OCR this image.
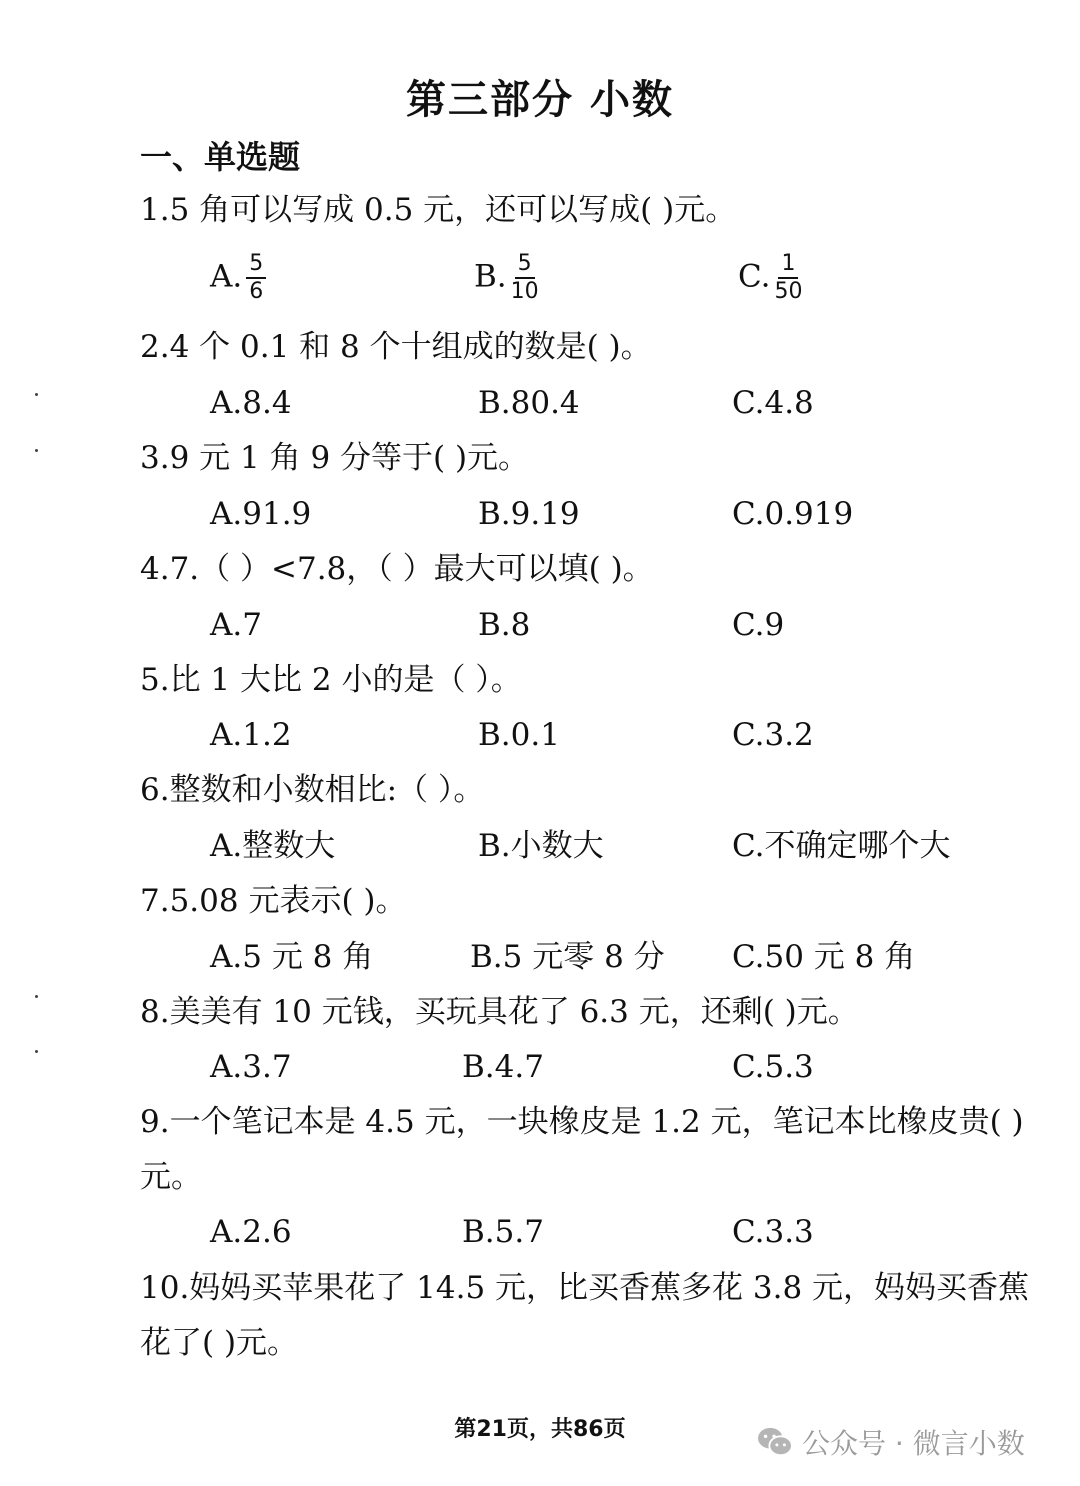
第三部分 小数
一、单选题
1.5 角可以写成 0.5 元，还可以写成( )元。
A. $\frac{5}{6}$	B. $\frac{5}{10}$	C. $\frac{1}{50}$
2.4 个 0.1 和 8 个十组成的数是( )。
A.8.4	B.80.4	C.4.8
3.9 元 1 角 9 分等于( )元。
A.91.9	B.9.19	C.0.919
4.7.（ ）<7.8，（ ）最大可以填( )。
A.7	B.8	C.9
5.比 1 大比 2 小的是（ ）。
A.1.2	B.0.1	C.3.2
6.整数和小数相比:（ ）。
A.整数大	B.小数大	C.不确定哪个大
7.5.08 元表示( )。
A.5 元 8 角	B.5 元零 8 分 C.50 元 8 角
8.美美有 10 元钱，买玩具花了 6.3 元，还剩( )元。
A.3.7	B.4.7	C.5.3
9.一个笔记本是 4.5 元，一块橡皮是 1.2 元，笔记本比橡皮贵( )元。
A.2.6	B.5.7	C.3.3
10.妈妈买苹果花了 14.5 元，比买香蕉多花 3.8 元，妈妈买香蕉花了( )元。
第21页，共86页	公众号 · 微言小数
